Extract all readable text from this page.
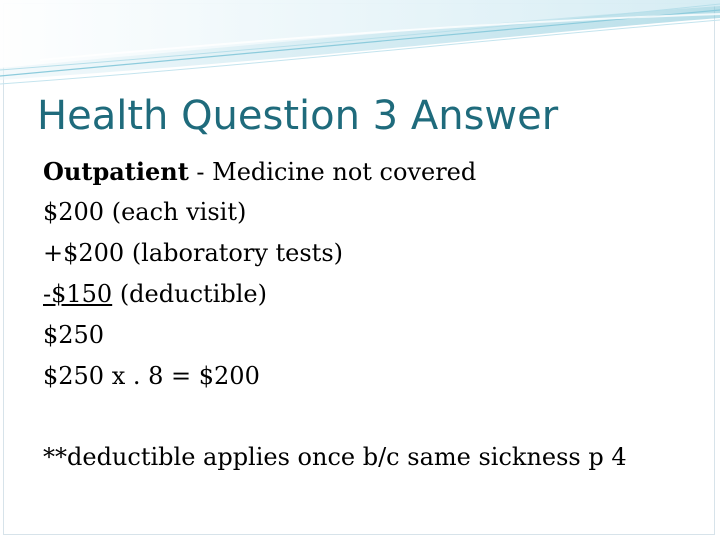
Health Question 3 Answer
Outpatient - Medicine not covered
$200 (each visit)
+$200 (laboratory tests)
-$150 (deductible)
$250
$250 x . 8 = $200
**deductible applies once b/c same sickness p 4
